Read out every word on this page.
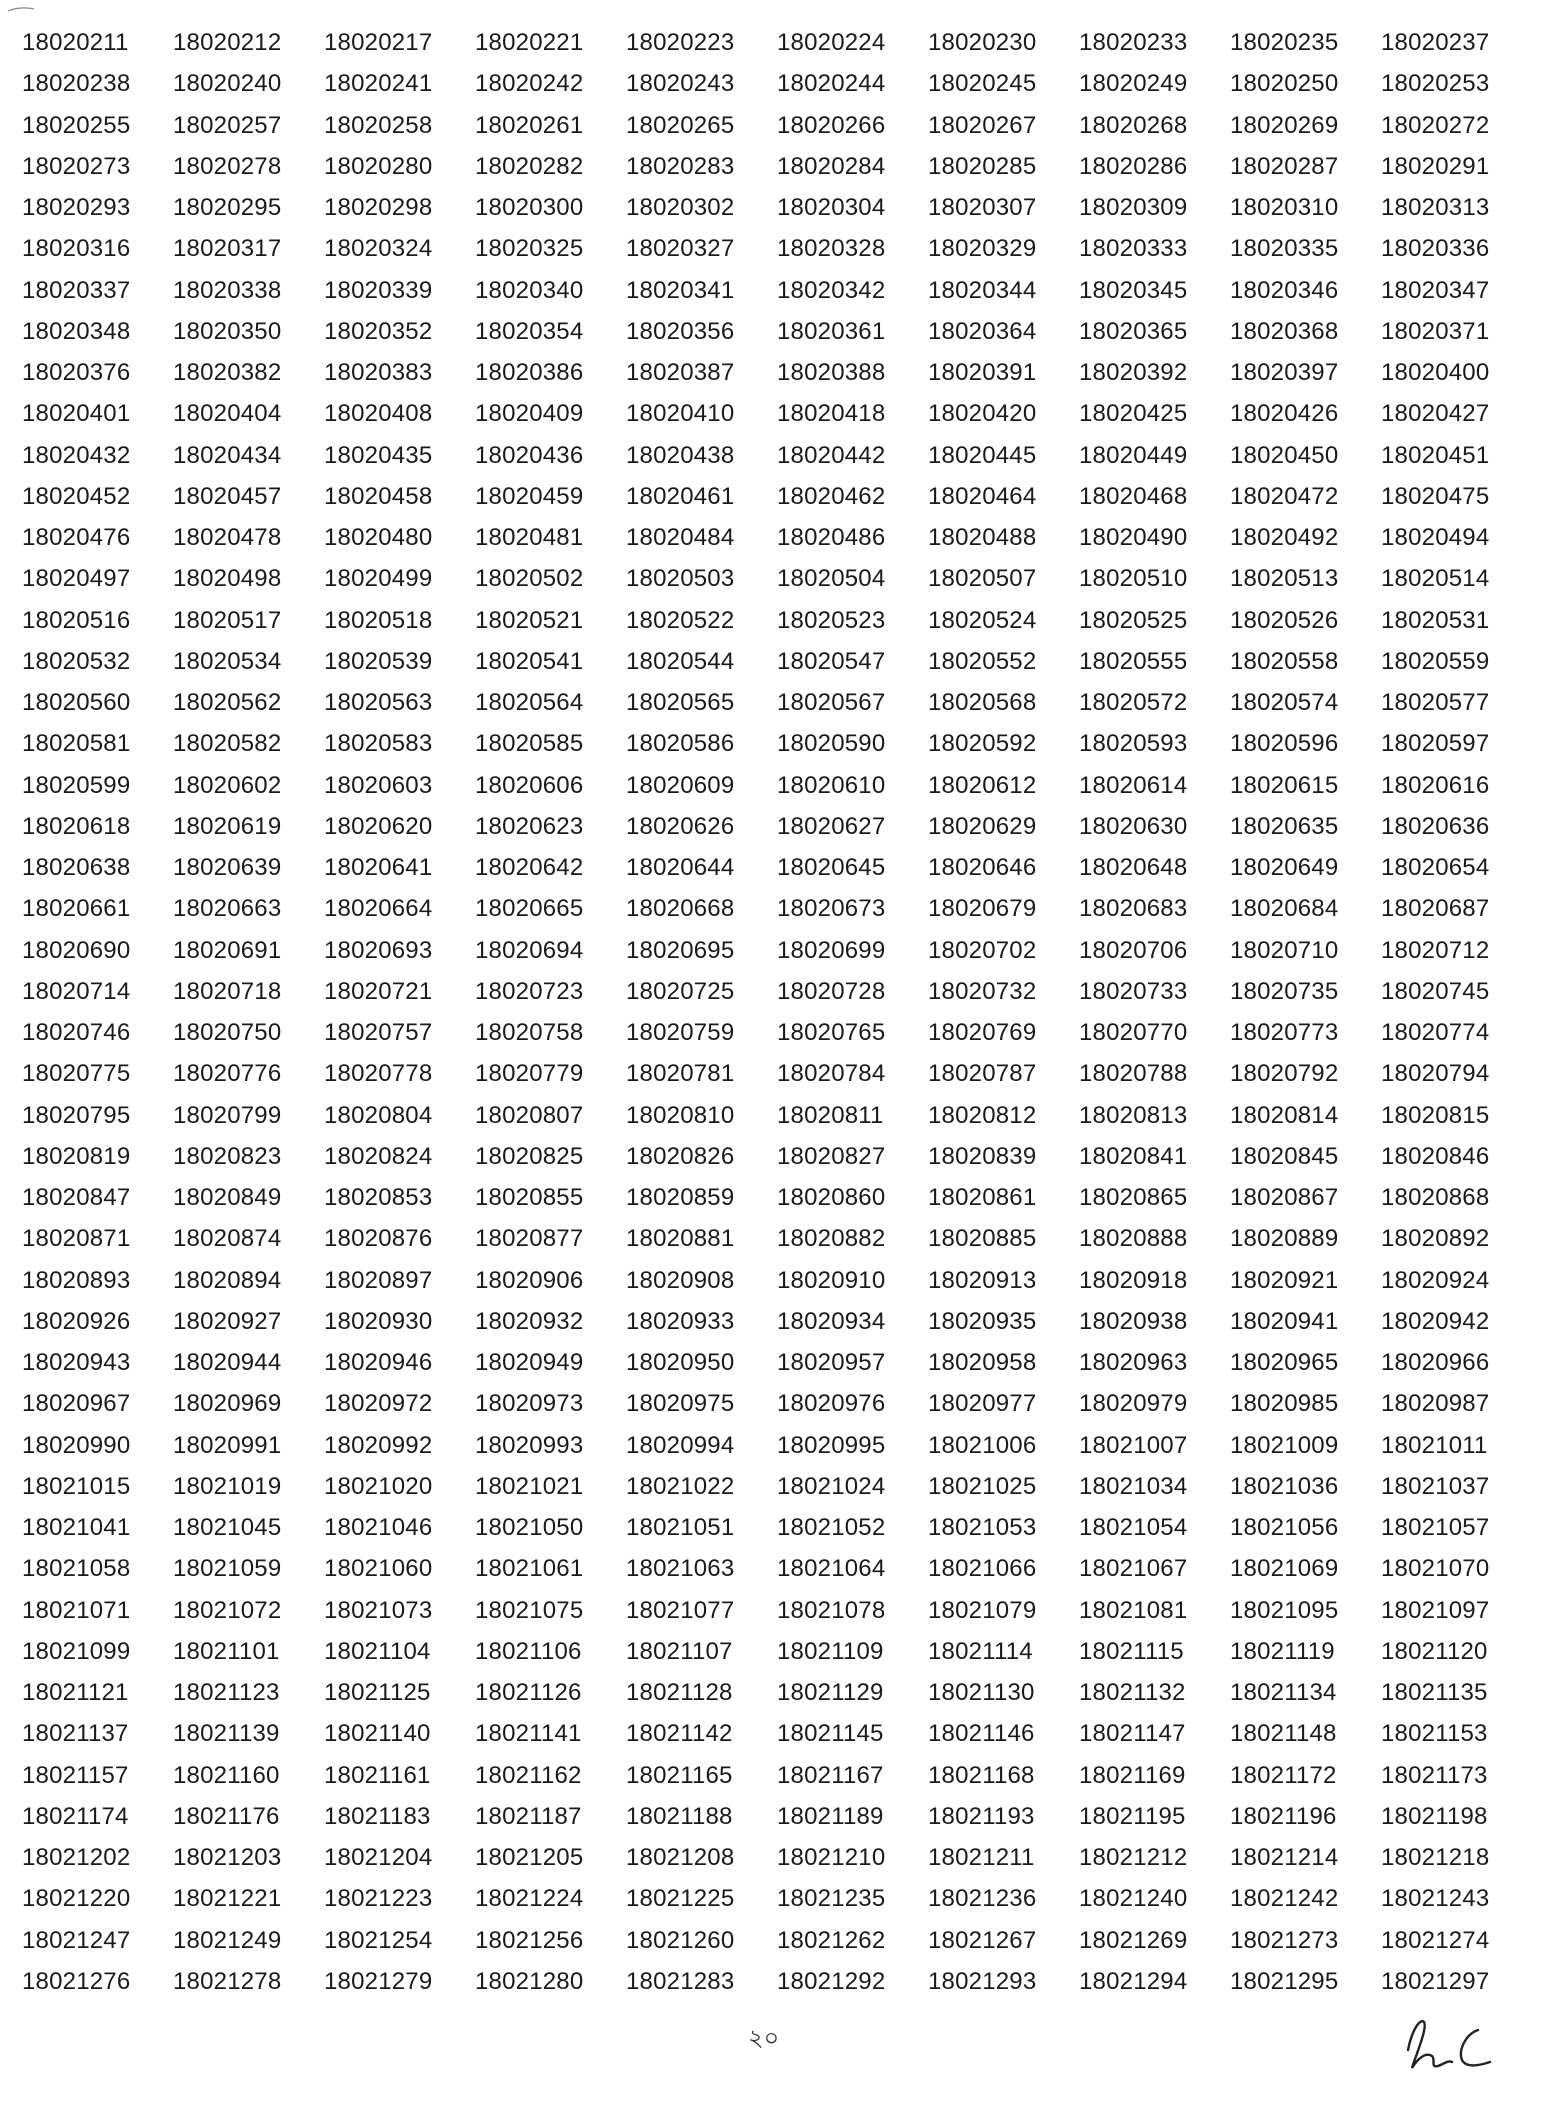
18020211	18020212	18020217	18020221	18020223	18020224	18020230	18020233	18020235	18020237
18020238	18020240	18020241	18020242	18020243	18020244	18020245	18020249	18020250	18020253
18020255	18020257	18020258	18020261	18020265	18020266	18020267	18020268	18020269	18020272
18020273	18020278	18020280	18020282	18020283	18020284	18020285	18020286	18020287	18020291
18020293	18020295	18020298	18020300	18020302	18020304	18020307	18020309	18020310	18020313
18020316	18020317	18020324	18020325	18020327	18020328	18020329	18020333	18020335	18020336
18020337	18020338	18020339	18020340	18020341	18020342	18020344	18020345	18020346	18020347
18020348	18020350	18020352	18020354	18020356	18020361	18020364	18020365	18020368	18020371
18020376	18020382	18020383	18020386	18020387	18020388	18020391	18020392	18020397	18020400
18020401	18020404	18020408	18020409	18020410	18020418	18020420	18020425	18020426	18020427
18020432	18020434	18020435	18020436	18020438	18020442	18020445	18020449	18020450	18020451
18020452	18020457	18020458	18020459	18020461	18020462	18020464	18020468	18020472	18020475
18020476	18020478	18020480	18020481	18020484	18020486	18020488	18020490	18020492	18020494
18020497	18020498	18020499	18020502	18020503	18020504	18020507	18020510	18020513	18020514
18020516	18020517	18020518	18020521	18020522	18020523	18020524	18020525	18020526	18020531
18020532	18020534	18020539	18020541	18020544	18020547	18020552	18020555	18020558	18020559
18020560	18020562	18020563	18020564	18020565	18020567	18020568	18020572	18020574	18020577
18020581	18020582	18020583	18020585	18020586	18020590	18020592	18020593	18020596	18020597
18020599	18020602	18020603	18020606	18020609	18020610	18020612	18020614	18020615	18020616
18020618	18020619	18020620	18020623	18020626	18020627	18020629	18020630	18020635	18020636
18020638	18020639	18020641	18020642	18020644	18020645	18020646	18020648	18020649	18020654
18020661	18020663	18020664	18020665	18020668	18020673	18020679	18020683	18020684	18020687
18020690	18020691	18020693	18020694	18020695	18020699	18020702	18020706	18020710	18020712
18020714	18020718	18020721	18020723	18020725	18020728	18020732	18020733	18020735	18020745
18020746	18020750	18020757	18020758	18020759	18020765	18020769	18020770	18020773	18020774
18020775	18020776	18020778	18020779	18020781	18020784	18020787	18020788	18020792	18020794
18020795	18020799	18020804	18020807	18020810	18020811	18020812	18020813	18020814	18020815
18020819	18020823	18020824	18020825	18020826	18020827	18020839	18020841	18020845	18020846
18020847	18020849	18020853	18020855	18020859	18020860	18020861	18020865	18020867	18020868
18020871	18020874	18020876	18020877	18020881	18020882	18020885	18020888	18020889	18020892
18020893	18020894	18020897	18020906	18020908	18020910	18020913	18020918	18020921	18020924
18020926	18020927	18020930	18020932	18020933	18020934	18020935	18020938	18020941	18020942
18020943	18020944	18020946	18020949	18020950	18020957	18020958	18020963	18020965	18020966
18020967	18020969	18020972	18020973	18020975	18020976	18020977	18020979	18020985	18020987
18020990	18020991	18020992	18020993	18020994	18020995	18021006	18021007	18021009	18021011
18021015	18021019	18021020	18021021	18021022	18021024	18021025	18021034	18021036	18021037
18021041	18021045	18021046	18021050	18021051	18021052	18021053	18021054	18021056	18021057
18021058	18021059	18021060	18021061	18021063	18021064	18021066	18021067	18021069	18021070
18021071	18021072	18021073	18021075	18021077	18021078	18021079	18021081	18021095	18021097
18021099	18021101	18021104	18021106	18021107	18021109	18021114	18021115	18021119	18021120
18021121	18021123	18021125	18021126	18021128	18021129	18021130	18021132	18021134	18021135
18021137	18021139	18021140	18021141	18021142	18021145	18021146	18021147	18021148	18021153
18021157	18021160	18021161	18021162	18021165	18021167	18021168	18021169	18021172	18021173
18021174	18021176	18021183	18021187	18021188	18021189	18021193	18021195	18021196	18021198
18021202	18021203	18021204	18021205	18021208	18021210	18021211	18021212	18021214	18021218
18021220	18021221	18021223	18021224	18021225	18021235	18021236	18021240	18021242	18021243
18021247	18021249	18021254	18021256	18021260	18021262	18021267	18021269	18021273	18021274
18021276	18021278	18021279	18021280	18021283	18021292	18021293	18021294	18021295	18021297
২০
